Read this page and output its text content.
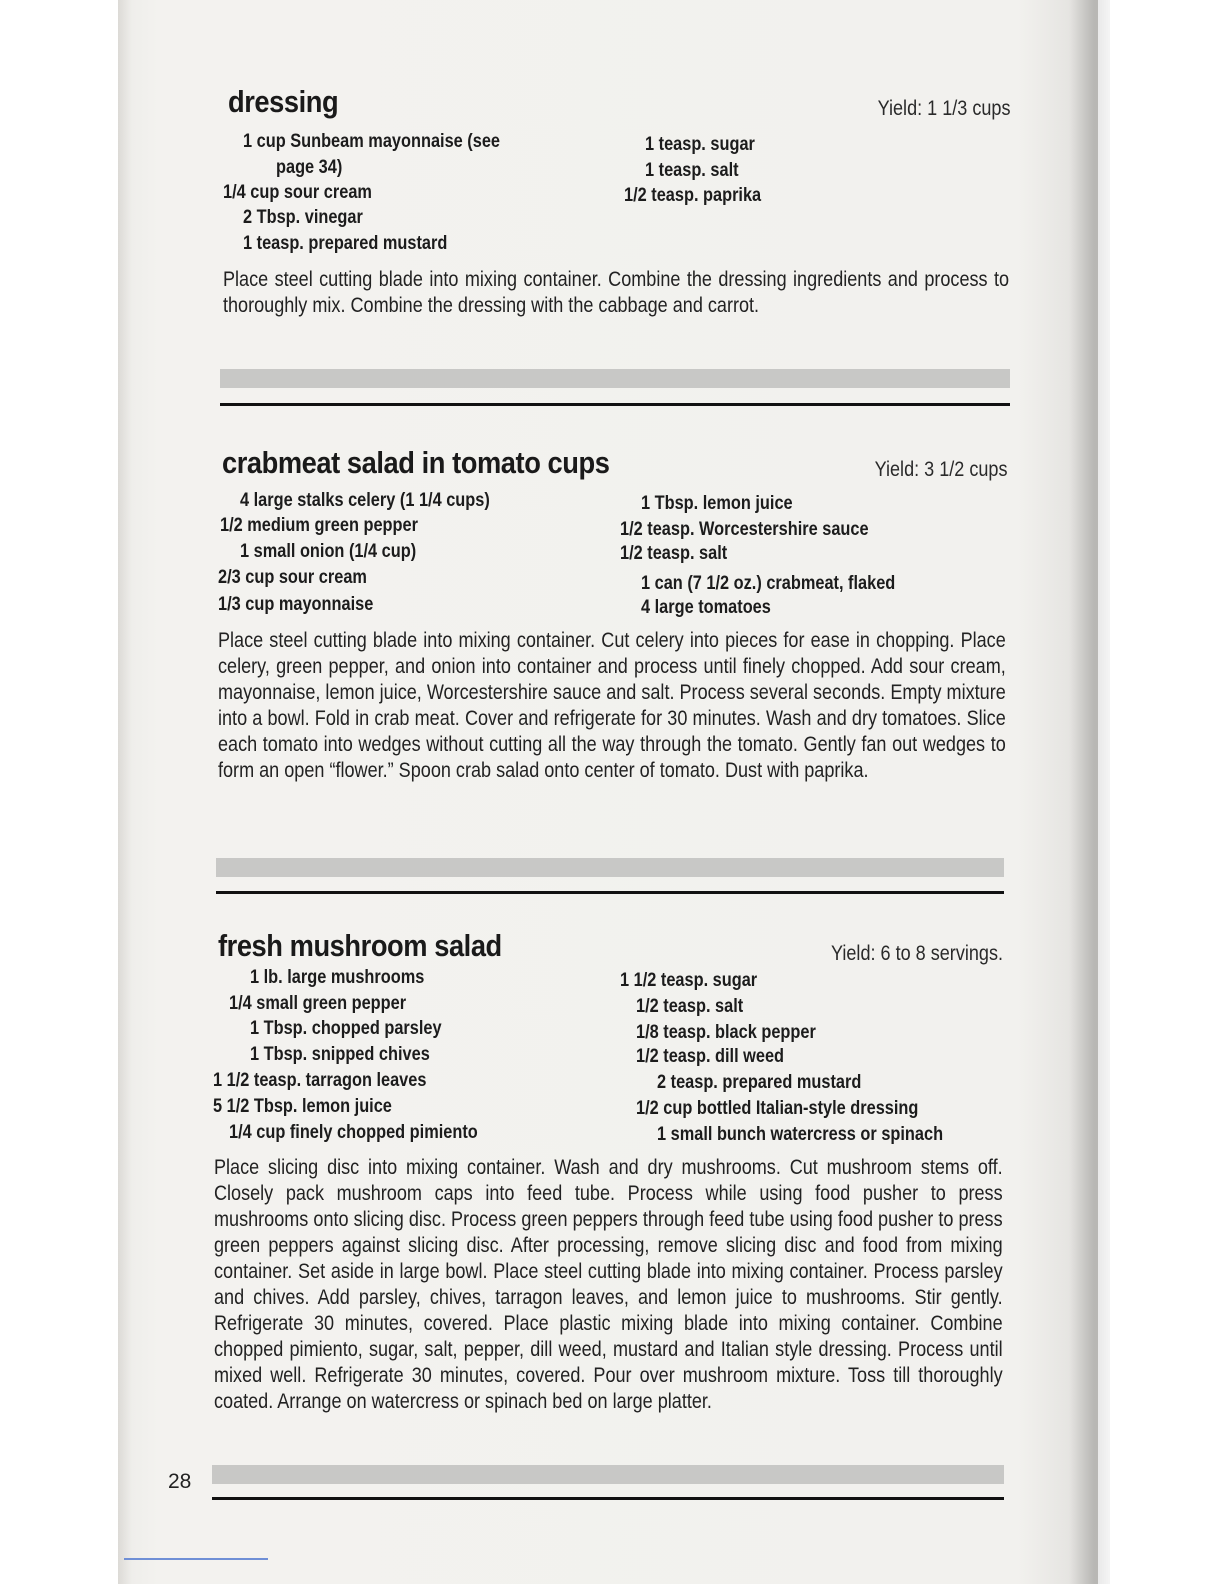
dressing	Yield: 1 1/3 cups
1 cup Sunbeam mayonnaise (see
page 34)
1/4 cup sour cream
2 Tbsp. vinegar
1 teasp. prepared mustard
1 teasp. sugar
1 teasp. salt
1/2 teasp. paprika

Place steel cutting blade into mixing container. Combine the dressing ingredients and process to thoroughly mix. Combine the dressing with the cabbage and carrot.

crabmeat salad in tomato cups	Yield: 3 1/2 cups
4 large stalks celery (1 1/4 cups)
1/2 medium green pepper
1 small onion (1/4 cup)
2/3 cup sour cream
1/3 cup mayonnaise
1 Tbsp. lemon juice
1/2 teasp. Worcestershire sauce
1/2 teasp. salt
1 can (7 1/2 oz.) crabmeat, flaked
4 large tomatoes

Place steel cutting blade into mixing container. Cut celery into pieces for ease in chopping. Place celery, green pepper, and onion into container and process until finely chopped. Add sour cream, mayonnaise, lemon juice, Worcestershire sauce and salt. Process several seconds. Empty mixture into a bowl. Fold in crab meat. Cover and refrigerate for 30 minutes. Wash and dry tomatoes. Slice each tomato into wedges without cutting all the way through the tomato. Gently fan out wedges to form an open “flower.” Spoon crab salad onto center of tomato. Dust with paprika.

fresh mushroom salad	Yield: 6 to 8 servings.
1 lb. large mushrooms
1/4 small green pepper
1 Tbsp. chopped parsley
1 Tbsp. snipped chives
1 1/2 teasp. tarragon leaves
5 1/2 Tbsp. lemon juice
1/4 cup finely chopped pimiento
1 1/2 teasp. sugar
1/2 teasp. salt
1/8 teasp. black pepper
1/2 teasp. dill weed
2 teasp. prepared mustard
1/2 cup bottled Italian-style dressing
1 small bunch watercress or spinach

Place slicing disc into mixing container. Wash and dry mushrooms. Cut mushroom stems off. Closely pack mushroom caps into feed tube. Process while using food pusher to press mushrooms onto slicing disc. Process green peppers through feed tube using food pusher to press green peppers against slicing disc. After processing, remove slicing disc and food from mixing container. Set aside in large bowl. Place steel cutting blade into mixing container. Process parsley and chives. Add parsley, chives, tarragon leaves, and lemon juice to mushrooms. Stir gently. Refrigerate 30 minutes, covered. Place plastic mixing blade into mixing container. Combine chopped pimiento, sugar, salt, pepper, dill weed, mustard and Italian style dressing. Process until mixed well. Refrigerate 30 minutes, covered. Pour over mushroom mixture. Toss till thoroughly coated. Arrange on watercress or spinach bed on large platter.

28
